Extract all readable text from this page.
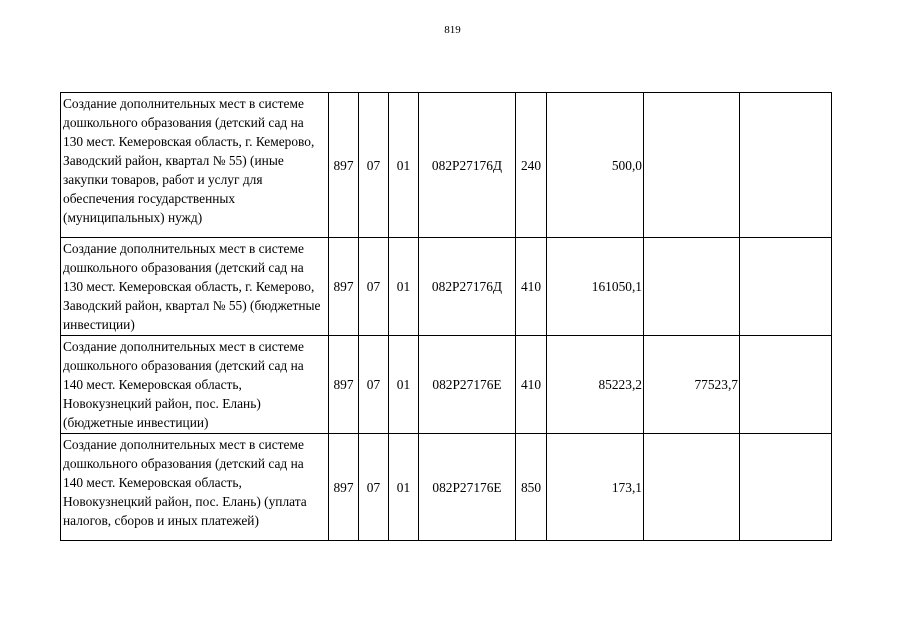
819
Создание дополнительных мест в системе дошкольного образования (детский сад на 130 мест. Кемеровская область, г. Кемерово, Заводский район, квартал № 55) (иные закупки товаров, работ и услуг для обеспечения государственных (муниципальных) нужд)	897	07	01	082P27176Д	240	500,0		
Создание дополнительных мест в системе дошкольного образования (детский сад на 130 мест. Кемеровская область, г. Кемерово, Заводский район, квартал № 55) (бюджетные инвестиции)	897	07	01	082P27176Д	410	161050,1		
Создание дополнительных мест в системе дошкольного образования (детский сад на 140 мест. Кемеровская область, Новокузнецкий район, пос. Елань) (бюджетные инвестиции)	897	07	01	082P27176Е	410	85223,2	77523,7	
Создание дополнительных мест в системе дошкольного образования (детский сад на 140 мест. Кемеровская область, Новокузнецкий район, пос. Елань) (уплата налогов, сборов и иных платежей)	897	07	01	082P27176Е	850	173,1		
